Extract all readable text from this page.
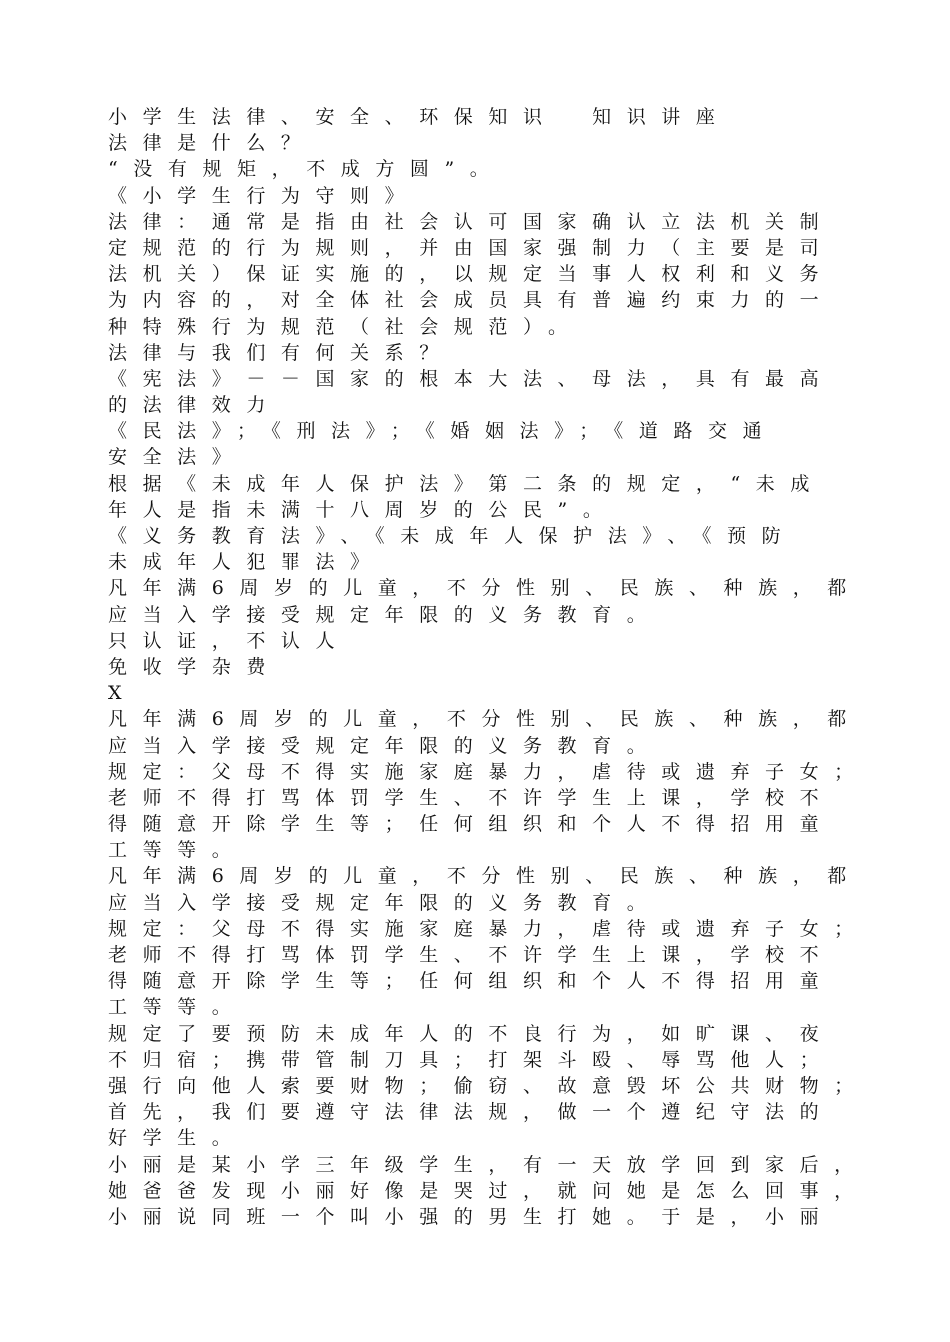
小学生法律、安全、环保知识　知识讲座
法律是什么？
“没有规矩，不成方圆”。
《小学生行为守则》
法律：通常是指由社会认可国家确认立法机关制
定规范的行为规则，并由国家强制力（主要是司
法机关）保证实施的，以规定当事人权利和义务
为内容的，对全体社会成员具有普遍约束力的一
种特殊行为规范（社会规范）。
法律与我们有何关系？
《宪法》－－国家的根本大法、母法，具有最高
的法律效力
《民法》；《刑法》；《婚姻法》；《道路交通
安全法》
根据《未成年人保护法》第二条的规定，“未成
年人是指未满十八周岁的公民”。
《义务教育法》、《未成年人保护法》、《预防
未成年人犯罪法》
凡年满6周岁的儿童，不分性别、民族、种族，都
应当入学接受规定年限的义务教育。
只认证，不认人
免收学杂费
X
凡年满6周岁的儿童，不分性别、民族、种族，都
应当入学接受规定年限的义务教育。
规定：父母不得实施家庭暴力，虐待或遗弃子女；
老师不得打骂体罚学生、不许学生上课，学校不
得随意开除学生等；任何组织和个人不得招用童
工等等。
凡年满6周岁的儿童，不分性别、民族、种族，都
应当入学接受规定年限的义务教育。
规定：父母不得实施家庭暴力，虐待或遗弃子女；
老师不得打骂体罚学生、不许学生上课，学校不
得随意开除学生等；任何组织和个人不得招用童
工等等。
规定了要预防未成年人的不良行为，如旷课、夜
不归宿；携带管制刀具；打架斗殴、辱骂他人；
强行向他人索要财物；偷窃、故意毁坏公共财物；
首先，我们要遵守法律法规，做一个遵纪守法的
好学生。
小丽是某小学三年级学生，有一天放学回到家后，
她爸爸发现小丽好像是哭过，就问她是怎么回事，
小丽说同班一个叫小强的男生打她。于是，小丽
